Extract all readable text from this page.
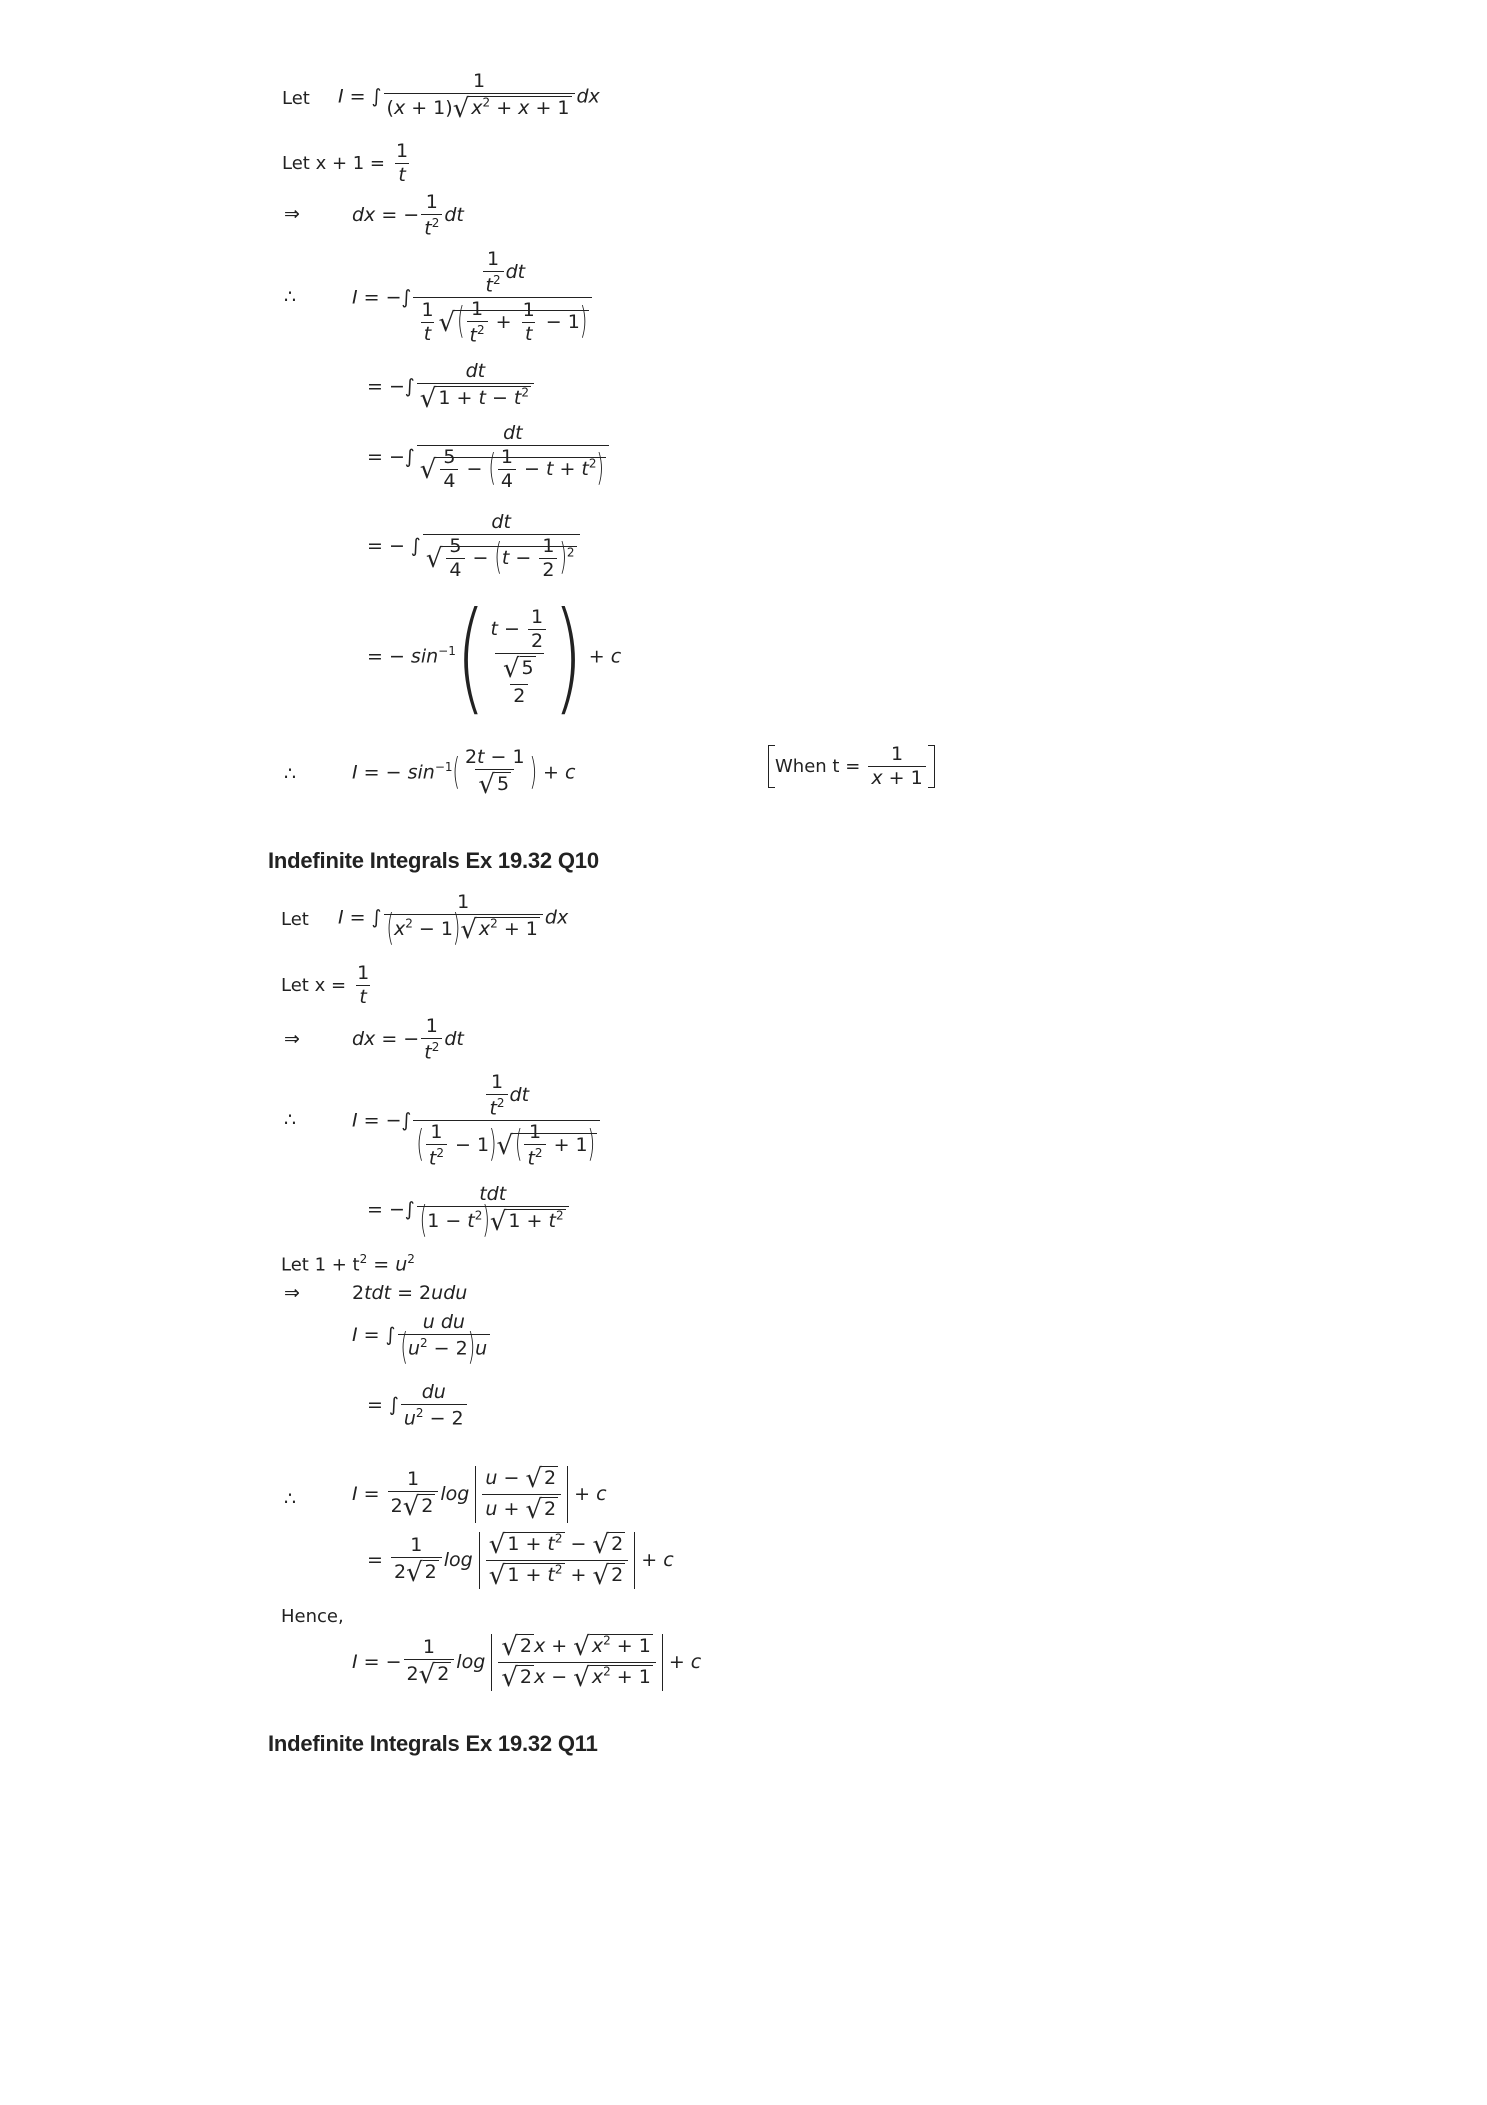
Let I = ∫ $\frac{1}{(x + 1)√ x^2 + x + 1}$ dx
Let $x + 1 = \frac{1}{t}$
⇒	dx = − $\frac{1}{t^2}$ dt
∴	I = −∫ $\frac{\frac{1}{t^2} dt}{\frac{1}{t} √ ( \frac{1}{t^2} + \frac{1}{t} - 1)}$
= −∫ $\frac{dt}{√ 1 + t - t^2}$
= −∫ $\frac{dt}{√ \frac{5}{4} - ( \frac{1}{4} - t + t^2)}$
= − ∫ $\frac{dt}{√ \frac{5}{4} - (t - \frac{1}{2} )^2}$
= − $\sin^{-1}( \frac{t - \frac{1}{2}}{\frac{√ 5}{2}}$ ) + c
∴	I = − $\sin^{-1}( \frac{2t - 1}{√ 5}$ ) + c	When $t = \frac{1}{x + 1}$
Indefinite Integrals Ex 19.32 Q10
Let I = ∫ $\frac{1}{(x^2 - 1)√ x^2 + 1}$ dx
Let $x = \frac{1}{t}$
⇒	dx = − $\frac{1}{t^2}$ dt
∴	I = −∫ $\frac{\frac{1}{t^2} dt}{( \frac{1}{t^2} - 1)√ ( \frac{1}{t^2} + 1)}$
= −∫ $\frac{\text{tdt}}{(1 - t^2)√ 1 + t^2}$
Let $1 + t^2 = u^2$
⇒	2tdt = 2udu
I = ∫ $\frac{\text{u du}}{(u^2 - 2)u}$
= ∫ $\frac{du}{u^2 - 2}$
∴	$I = \frac{1}{2√ 2}$ $\log \frac{u - √ 2}{u + √ 2} + c$
= $\frac{1}{2√ 2}$ $\log \frac{√ 1 + t^2 - √ 2}{√ 1 + t^2 + √ 2} + c$
Hence,
I = − $\frac{1}{2√ 2}$ $\log \frac{√ 2 x + √ x^2 + 1}{√ 2 x - √ x^2 + 1} + c$
Indefinite Integrals Ex 19.32 Q11
